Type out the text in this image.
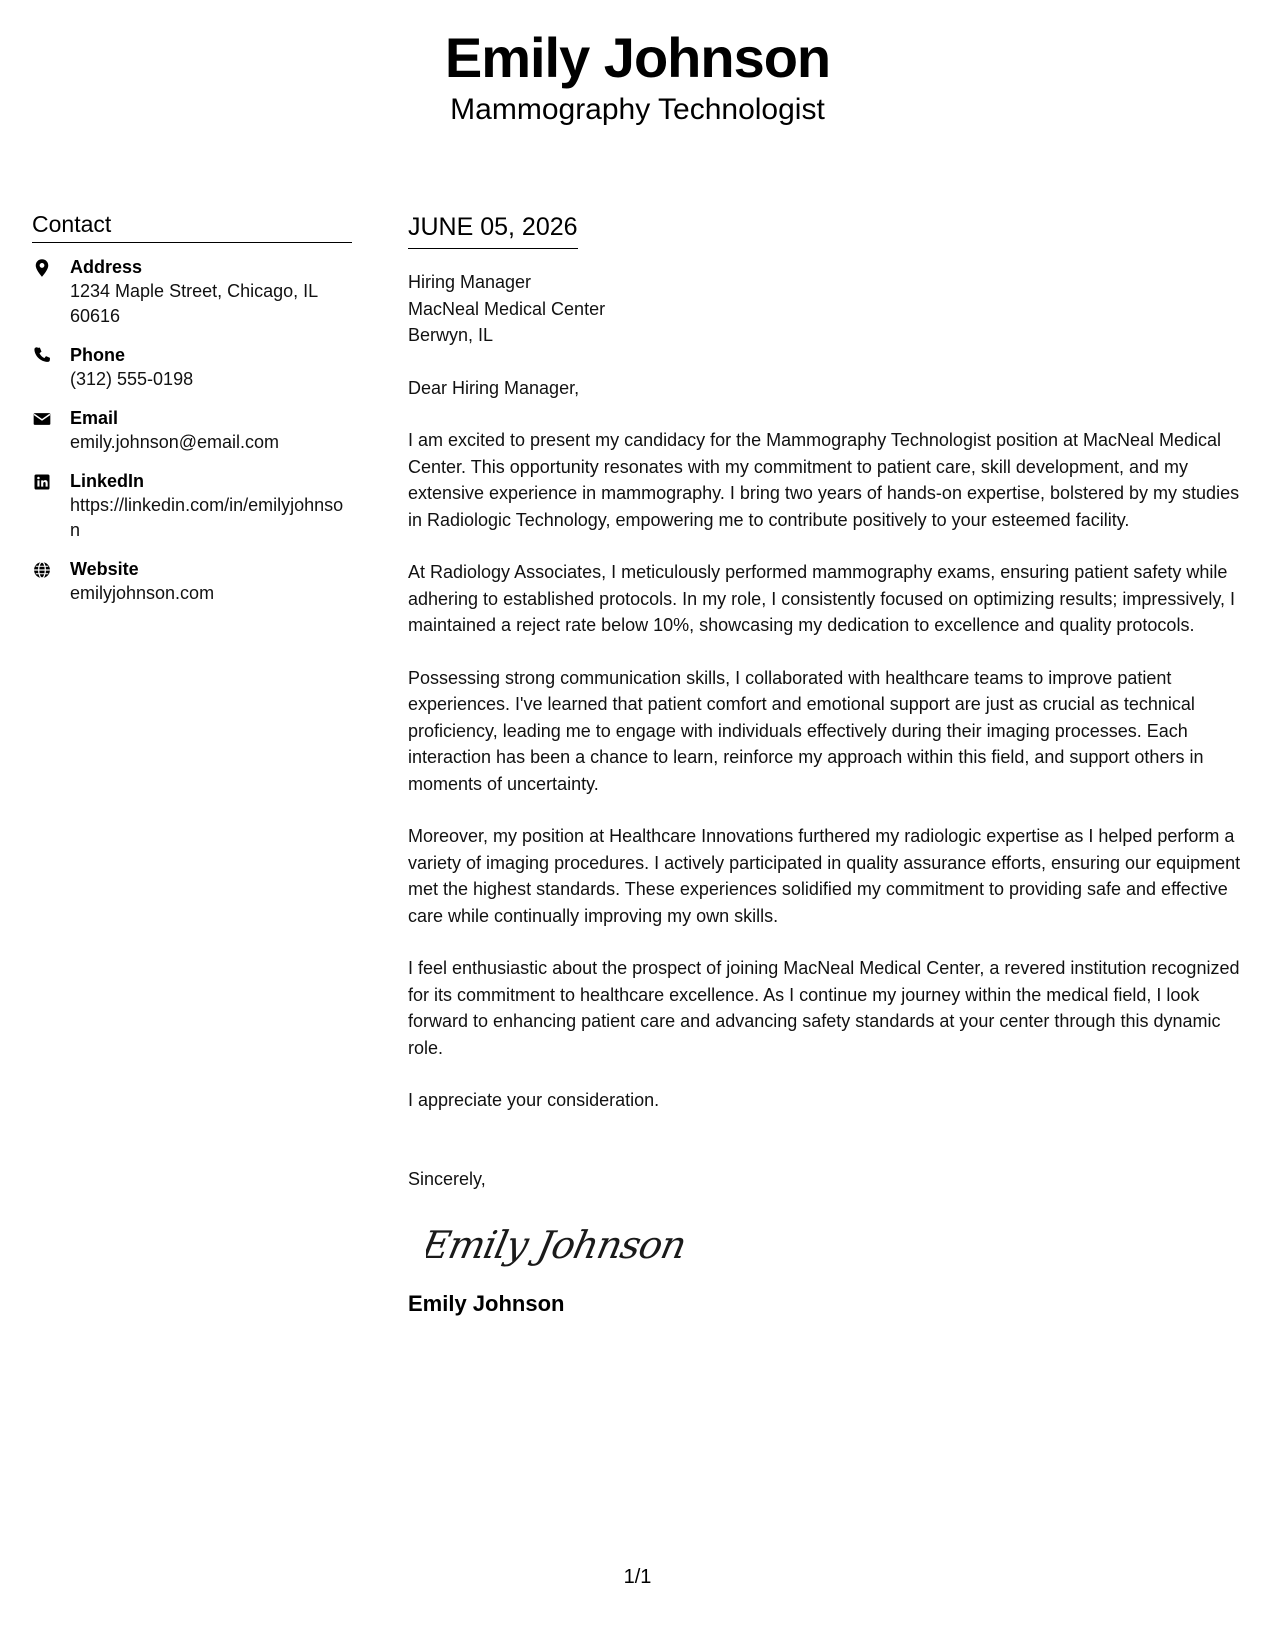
Emily Johnson
Mammography Technologist
Contact
Address
1234 Maple Street, Chicago, IL 60616
Phone
(312) 555-0198
Email
emily.johnson@email.com
LinkedIn
https://linkedin.com/in/emilyjohnson
Website
emilyjohnson.com
JUNE 05, 2026
Hiring Manager
MacNeal Medical Center
Berwyn, IL
Dear Hiring Manager,
I am excited to present my candidacy for the Mammography Technologist position at MacNeal Medical Center. This opportunity resonates with my commitment to patient care, skill development, and my extensive experience in mammography. I bring two years of hands-on expertise, bolstered by my studies in Radiologic Technology, empowering me to contribute positively to your esteemed facility.
At Radiology Associates, I meticulously performed mammography exams, ensuring patient safety while adhering to established protocols. In my role, I consistently focused on optimizing results; impressively, I maintained a reject rate below 10%, showcasing my dedication to excellence and quality protocols.
Possessing strong communication skills, I collaborated with healthcare teams to improve patient experiences. I've learned that patient comfort and emotional support are just as crucial as technical proficiency, leading me to engage with individuals effectively during their imaging processes. Each interaction has been a chance to learn, reinforce my approach within this field, and support others in moments of uncertainty.
Moreover, my position at Healthcare Innovations furthered my radiologic expertise as I helped perform a variety of imaging procedures. I actively participated in quality assurance efforts, ensuring our equipment met the highest standards. These experiences solidified my commitment to providing safe and effective care while continually improving my own skills.
I feel enthusiastic about the prospect of joining MacNeal Medical Center, a revered institution recognized for its commitment to healthcare excellence. As I continue my journey within the medical field, I look forward to enhancing patient care and advancing safety standards at your center through this dynamic role.
I appreciate your consideration.
Sincerely,
Emily Johnson
Emily Johnson
1/1
